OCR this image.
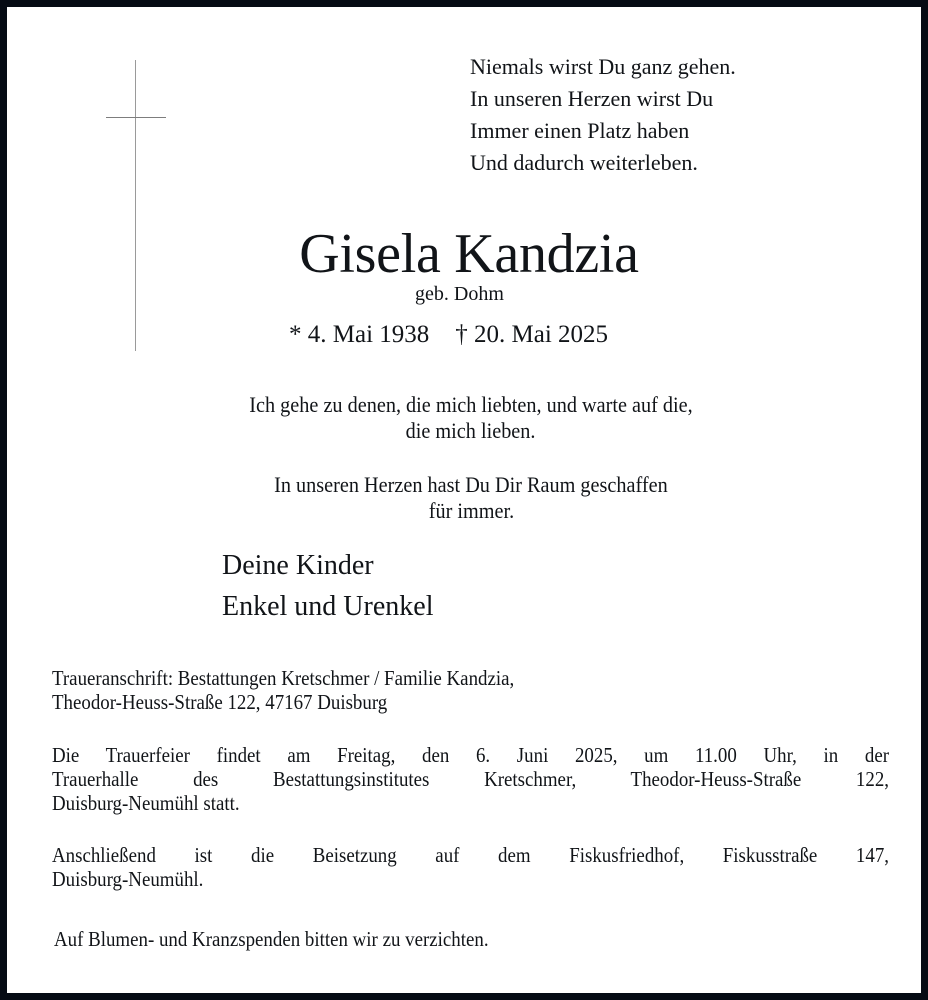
Niemals wirst Du ganz gehen.
In unseren Herzen wirst Du
Immer einen Platz haben
Und dadurch weiterleben.
Gisela Kandzia
geb. Dohm
* 4. Mai 1938 † 20. Mai 2025
Ich gehe zu denen, die mich liebten, und warte auf die,
die mich lieben.
In unseren Herzen hast Du Dir Raum geschaffen
für immer.
Deine Kinder
Enkel und Urenkel
Traueranschrift: Bestattungen Kretschmer / Familie Kandzia,
Theodor-Heuss-Straße 122, 47167 Duisburg
Die Trauerfeier findet am Freitag, den 6. Juni 2025, um 11.00 Uhr, in der
Trauerhalle des Bestattungsinstitutes Kretschmer, Theodor-Heuss-Straße 122,
Duisburg-Neumühl statt.
Anschließend ist die Beisetzung auf dem Fiskusfriedhof, Fiskusstraße 147,
Duisburg-Neumühl.
Auf Blumen- und Kranzspenden bitten wir zu verzichten.
